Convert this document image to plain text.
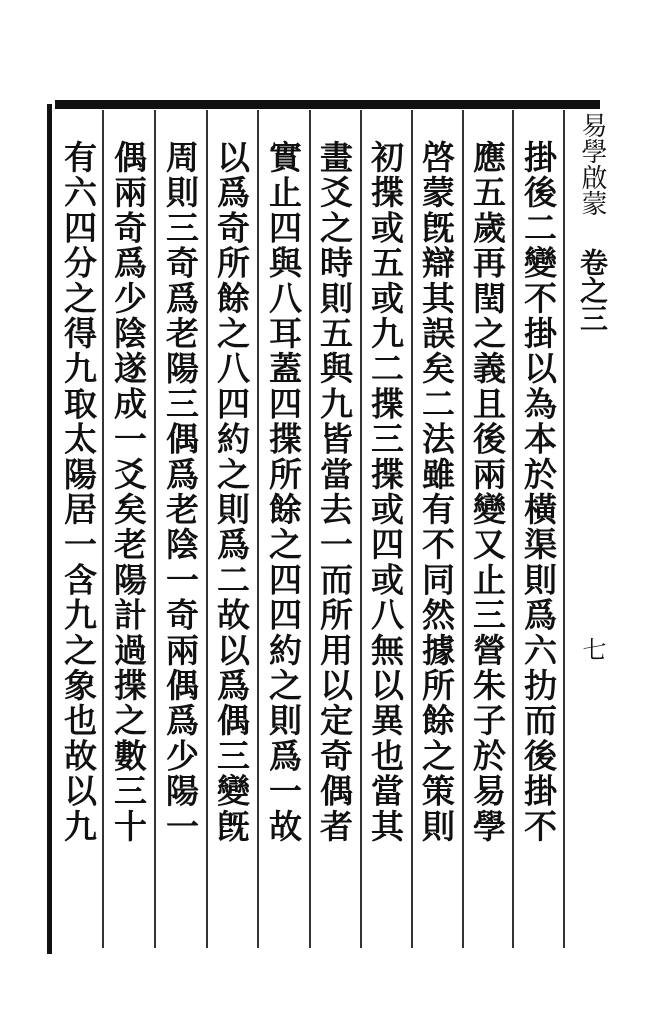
易學啟蒙卷之三七
掛後二變不掛以為本於橫渠則爲六扐而後掛不
應五歲再閏之義且後兩變又止三營朱子於易學
啓蒙旣辯其誤矣二法雖有不同然據所餘之策則
初揲或五或九二揲三揲或四或八無以異也當其
畫爻之時則五與九皆當去一而所用以定奇偶者
實止四與八耳蓋四揲所餘之四四約之則爲一故
以爲奇所餘之八四約之則爲二故以爲偶三變旣
周則三奇爲老陽三偶爲老陰一奇兩偶爲少陽一
偶兩奇爲少陰遂成一爻矣老陽計過揲之數三十
有六四分之得九取太陽居一含九之象也故以九
